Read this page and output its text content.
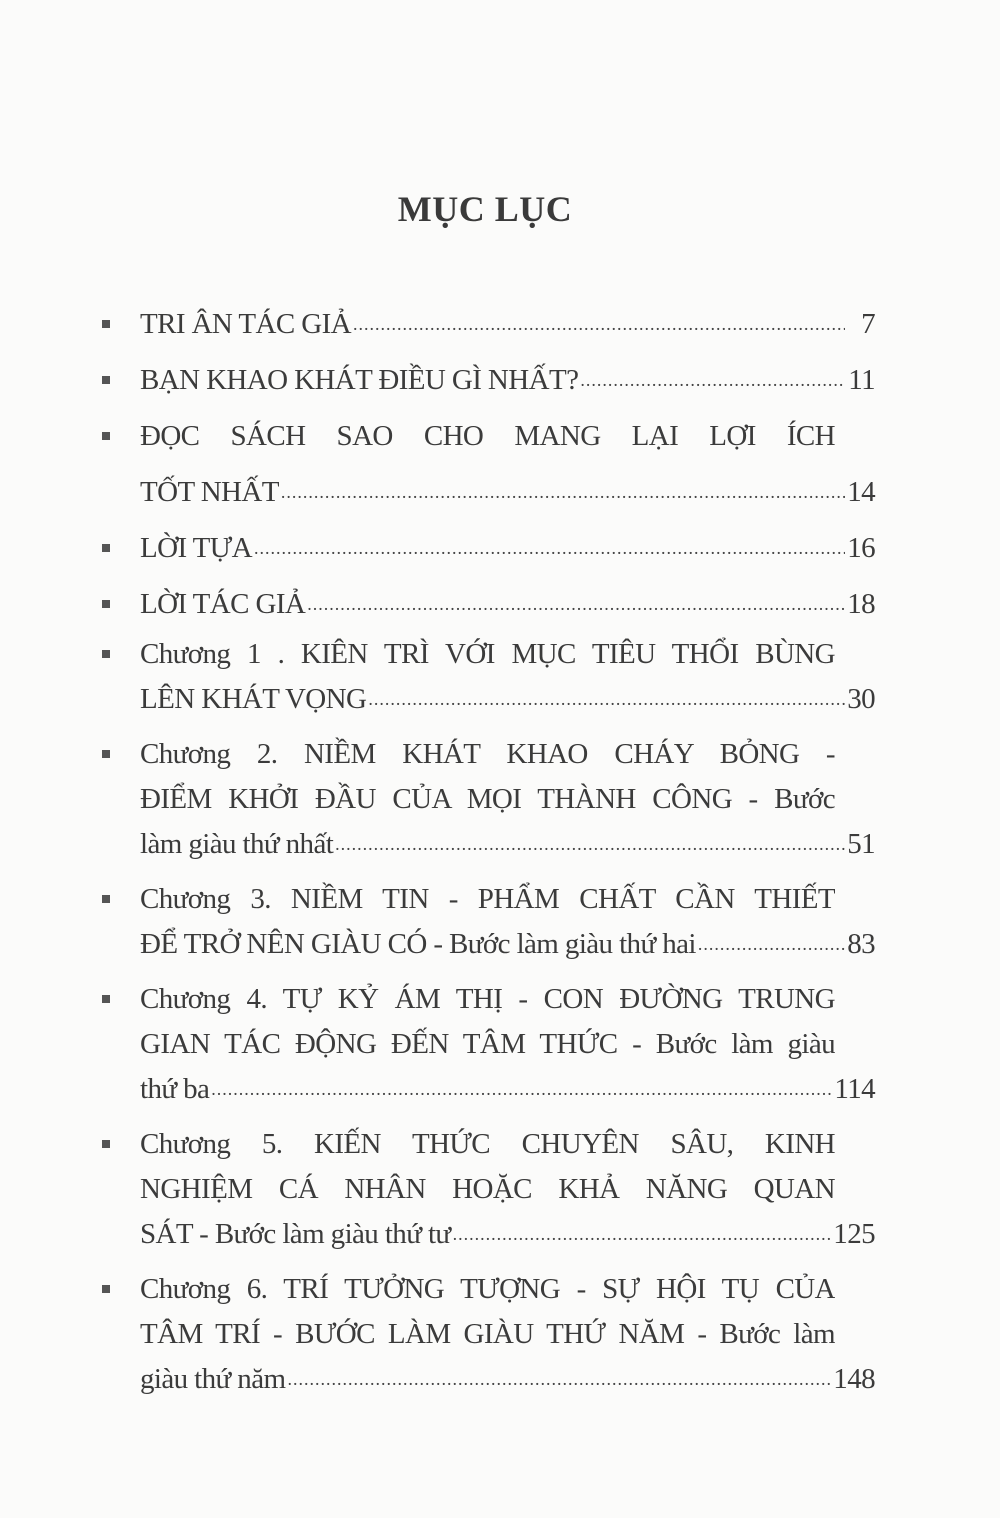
MỤC LỤC
TRI ÂN TÁC GIẢ .....	7
BẠN KHAO KHÁT ĐIỀU GÌ NHẤT? .....	11
ĐỌC SÁCH SAO CHO MANG LẠI LỢI ÍCH
TỐT NHẤT .....	14
LỜI TỰA .....	16
LỜI TÁC GIẢ .....	18
Chương 1 . KIÊN TRÌ VỚI MỤC TIÊU THỔI BÙNG
LÊN KHÁT VỌNG .....	30
Chương 2. NIỀM KHÁT KHAO CHÁY BỎNG -
ĐIỂM KHỞI ĐẦU CỦA MỌI THÀNH CÔNG - Bước
làm giàu thứ nhất .....	51
Chương 3. NIỀM TIN - PHẨM CHẤT CẦN THIẾT
ĐỂ TRỞ NÊN GIÀU CÓ - Bước làm giàu thứ hai .....	83
Chương 4. TỰ KỶ ÁM THỊ - CON ĐƯỜNG TRUNG
GIAN TÁC ĐỘNG ĐẾN TÂM THỨC - Bước làm giàu
thứ ba .....	114
Chương 5. KIẾN THỨC CHUYÊN SÂU, KINH
NGHIỆM CÁ NHÂN HOẶC KHẢ NĂNG QUAN
SÁT - Bước làm giàu thứ tư .....	125
Chương 6. TRÍ TƯỞNG TƯỢNG - SỰ HỘI TỤ CỦA
TÂM TRÍ - BƯỚC LÀM GIÀU THỨ NĂM - Bước làm
giàu thứ năm .....	148
